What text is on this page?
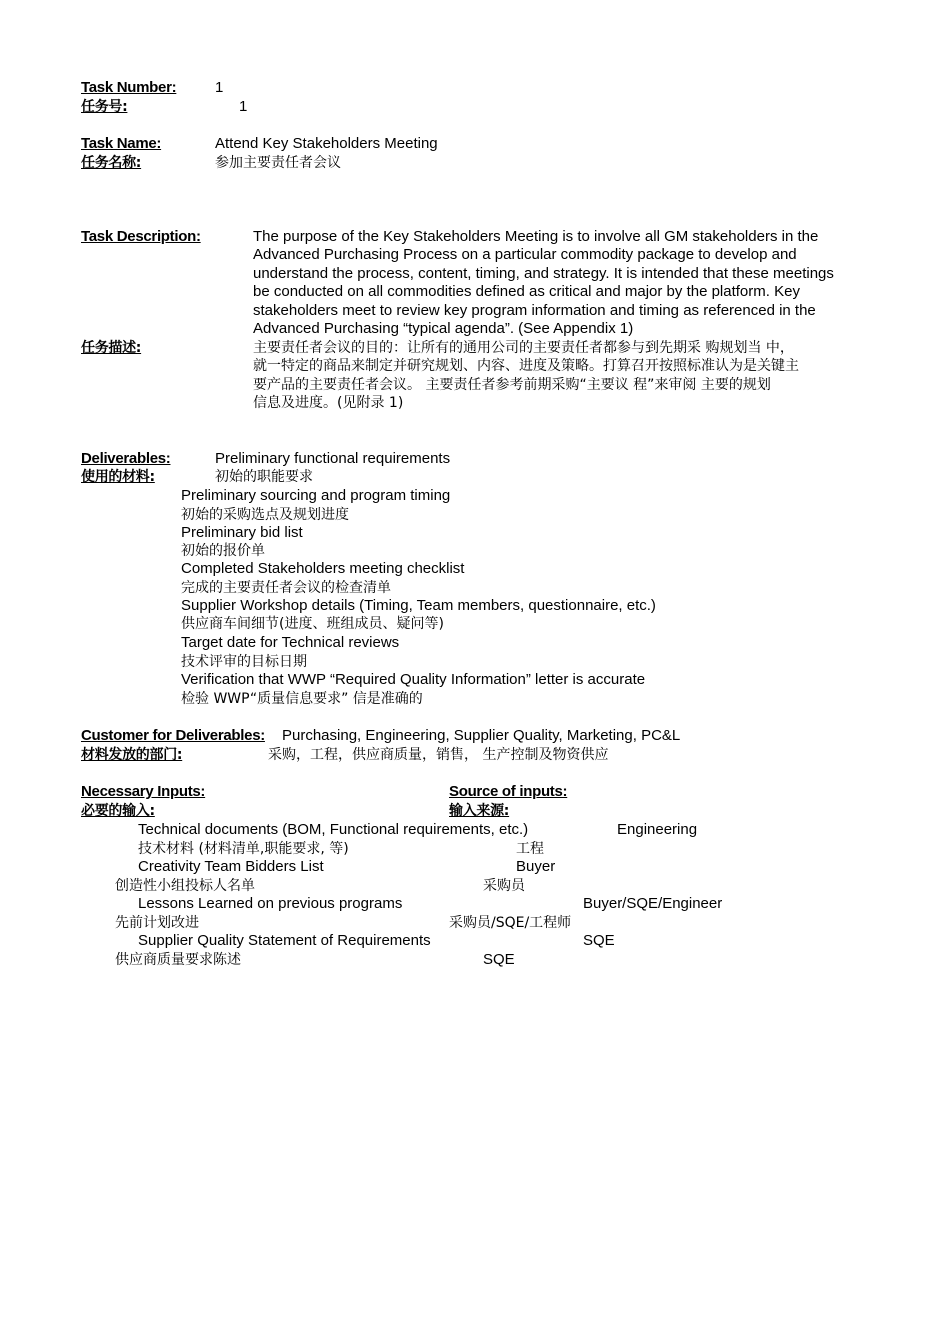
Task Number:	1
任务号:	1
Task Name:	Attend Key Stakeholders Meeting
任务名称:	参加主要责任者会议
Task Description:	The purpose of the Key Stakeholders Meeting is to involve all GM stakeholders in the
Advanced Purchasing Process on a particular commodity package to develop and
understand the process, content, timing, and strategy. It is intended that these meetings
be conducted on all commodities defined as critical and major by the platform. Key
stakeholders meet to review key program information and timing as referenced in the
Advanced Purchasing “typical agenda”. (See Appendix 1)
任务描述:	主要责任者会议的目的：让所有的通用公司的主要责任者都参与到先期采 购规划当 中，
就一特定的商品来制定并研究规划、内容、进度及策略。打算召开按照标准认为是关键主
要产品的主要责任者会议。 主要责任者参考前期采购“主要议 程”来审阅 主要的规划
信息及进度。(见附录 1)
Deliverables:	Preliminary functional requirements
使用的材料:	初始的职能要求
Preliminary sourcing and program timing
初始的采购选点及规划进度
Preliminary bid list
初始的报价单
Completed Stakeholders meeting checklist
完成的主要责任者会议的检查清单
Supplier Workshop details (Timing, Team members, questionnaire, etc.)
供应商车间细节(进度、班组成员、疑问等)
Target date for Technical reviews
技术评审的目标日期
Verification that WWP “Required Quality Information” letter is accurate
检验 WWP“质量信息要求” 信是准确的
Customer for Deliverables: Purchasing, Engineering, Supplier Quality, Marketing, PC&L
材料发放的部门:	采购，工程，供应商质量，销售， 生产控制及物资供应
Necessary Inputs:	Source of inputs:
必要的输入:	输入来源:
Technical documents (BOM, Functional requirements, etc.)	Engineering
技术材料 (材料清单,职能要求, 等)	工程
Creativity Team Bidders List	Buyer
创造性小组投标人名单	采购员
Lessons Learned on previous programs	Buyer/SQE/Engineer
先前计划改进	采购员/SQE/工程师
Supplier Quality Statement of Requirements	SQE
供应商质量要求陈述	SQE
